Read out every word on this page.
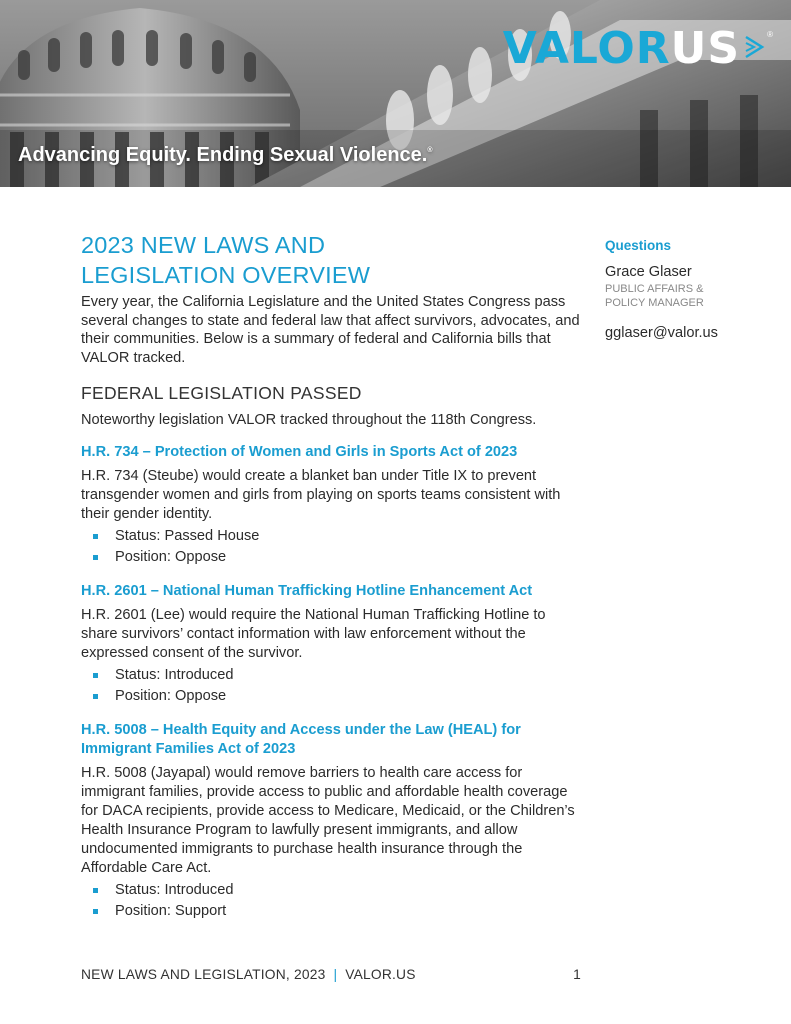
VALOR US	®
Advancing Equity. Ending Sexual Violence.®
2023 NEW LAWS AND
LEGISLATION OVERVIEW

Every year, the California Legislature and the United States Congress pass several changes to state and federal law that affect survivors, advocates, and their communities. Below is a summary of federal and California bills that VALOR tracked.

FEDERAL LEGISLATION PASSED

Noteworthy legislation VALOR tracked throughout the 118th Congress.

H.R. 734 – Protection of Women and Girls in Sports Act of 2023

H.R. 734 (Steube) would create a blanket ban under Title IX to prevent transgender women and girls from playing on sports teams consistent with their gender identity.

Status: Passed House
Position: Oppose
H.R. 2601 – National Human Trafficking Hotline Enhancement Act

H.R. 2601 (Lee) would require the National Human Trafficking Hotline to share survivors’ contact information with law enforcement without the expressed consent of the survivor.

Status: Introduced
Position: Oppose
H.R. 5008 – Health Equity and Access under the Law (HEAL) for Immigrant Families Act of 2023

H.R. 5008 (Jayapal) would remove barriers to health care access for immigrant families, provide access to public and affordable health coverage for DACA recipients, provide access to Medicare, Medicaid, or the Children’s Health Insurance Program to lawfully present immigrants, and allow undocumented immigrants to purchase health insurance through the Affordable Care Act.

Status: Introduced
Position: Support
Questions
Grace Glaser
PUBLIC AFFAIRS & POLICY MANAGER
gglaser@valor.us
NEW LAWS AND LEGISLATION, 2023 | VALOR.US	1
